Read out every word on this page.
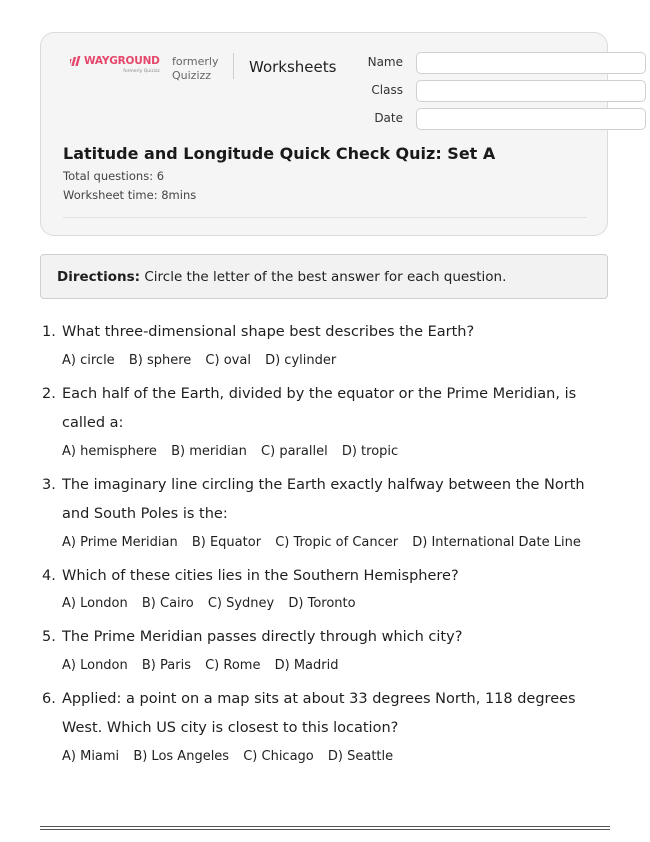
WAYGROUND
formerly Quizizz
formerly
Quizizz	Worksheets	Name
Class
Date
Latitude and Longitude Quick Check Quiz: Set A
Total questions: 6
Worksheet time: 8mins
Directions: Circle the letter of the best answer for each question.
1. What three-dimensional shape best describes the Earth?
A) circle B) sphere C) oval D) cylinder
2. Each half of the Earth, divided by the equator or the Prime Meridian, is called a:
A) hemisphere B) meridian C) parallel D) tropic
3. The imaginary line circling the Earth exactly halfway between the North and South Poles is the:
A) Prime Meridian B) Equator C) Tropic of Cancer D) International Date Line
4. Which of these cities lies in the Southern Hemisphere?
A) London B) Cairo C) Sydney D) Toronto
5. The Prime Meridian passes directly through which city?
A) London B) Paris C) Rome D) Madrid
6. Applied: a point on a map sits at about 33 degrees North, 118 degrees West. Which US city is closest to this location?
A) Miami B) Los Angeles C) Chicago D) Seattle
